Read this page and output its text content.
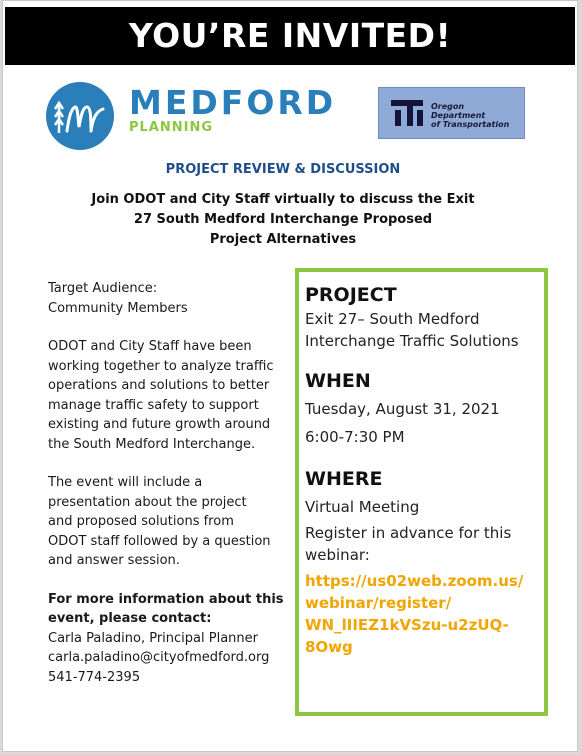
YOU’RE INVITED!
MEDFORD
PLANNING
Oregon
Department
of Transportation
PROJECT REVIEW & DISCUSSION
Join ODOT and City Staff virtually to discuss the Exit
27 South Medford Interchange Proposed
Project Alternatives

Target Audience:

Community Members

ODOT and City Staff have been

working together to analyze traffic

operations and solutions to better

manage traffic safety to support

existing and future growth around

the South Medford Interchange.

The event will include a

presentation about the project

and proposed solutions from

ODOT staff followed by a question

and answer session.

For more information about this

event, please contact:

Carla Paladino, Principal Planner

carla.paladino@cityofmedford.org

541-774-2395

PROJECT
Exit 27– South Medford
Interchange Traffic Solutions
WHEN
Tuesday, August 31, 2021
6:00-7:30 PM
WHERE
Virtual Meeting
Register in advance for this
webinar:
https://us02web.zoom.us/
webinar/register/
WN_lIIEZ1kVSzu-u2zUQ-
8Owg
